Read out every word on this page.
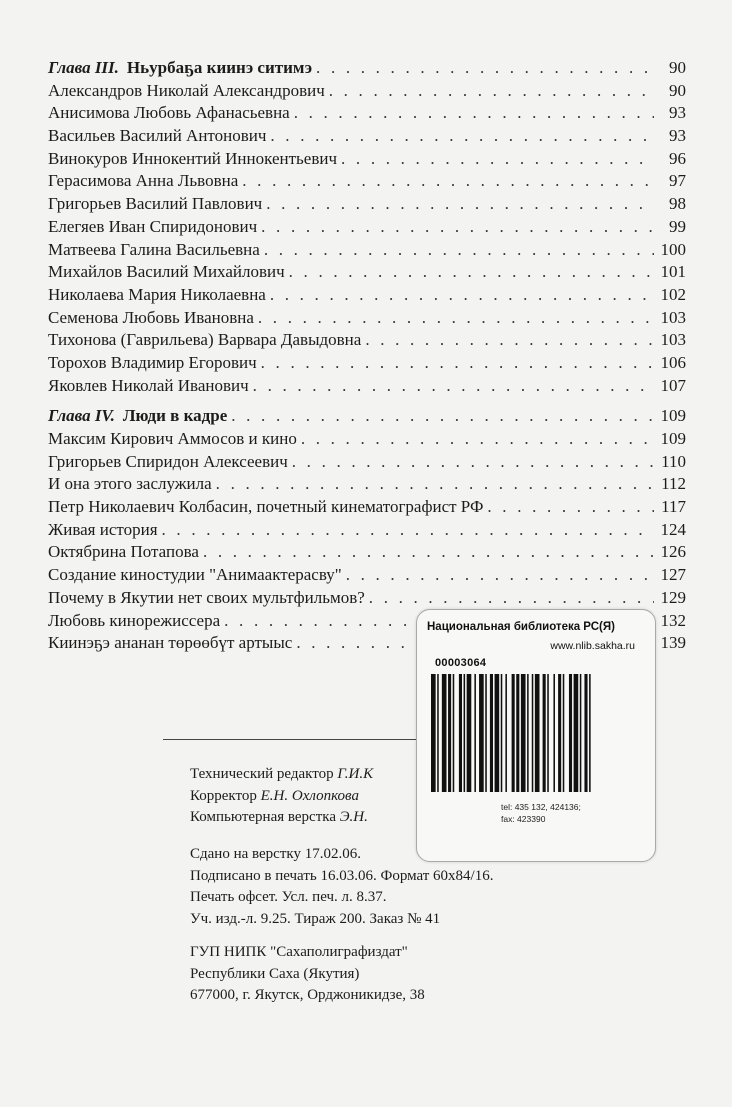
Глава III. Ньурбаҕа киинэ ситимэ . . .	90
Александров Николай Александрович . . .	90
Анисимова Любовь Афанасьевна . . .	93
Васильев Василий Антонович . . .	93
Винокуров Иннокентий Иннокентьевич . . .	96
Герасимова Анна Львовна . . .	97
Григорьев Василий Павлович . . .	98
Елегяев Иван Спиридонович . . .	99
Матвеева Галина Васильевна . . .	100
Михайлов Василий Михайлович . . .	101
Николаева Мария Николаевна . . .	102
Семенова Любовь Ивановна . . .	103
Тихонова (Гаврильева) Варвара Давыдовна . . .	103
Торохов Владимир Егорович . . .	106
Яковлев Николай Иванович . . .	107
Глава IV. Люди в кадре . . .	109
Максим Кирович Аммосов и кино . . .	109
Григорьев Спиридон Алексеевич . . .	110
И она этого заслужила . . .	112
Петр Николаевич Колбасин, почетный кинематографист РФ . . .	117
Живая история . . .	124
Октябрина Потапова . . .	126
Создание киностудии "Анимаактерасву" . . .	127
Почему в Якутии нет своих мультфильмов? . . .	129
Любовь кинорежиссера . . .	132
Киинэҕэ ананан төрөөбүт артыыс . . .	139
Технический редактор Г.И.К
Корректор Е.Н. Охлопкова
Компьютерная верстка Э.Н.
Сдано на верстку 17.02.06.
Подписано в печать 16.03.06. Формат 60x84/16.
Печать офсет. Усл. печ. л. 8.37.
Уч. изд.-л. 9.25. Тираж 200. Заказ № 41
ГУП НИПК "Сахаполиграфиздат"
Республики Саха (Якутия)
677000, г. Якутск, Орджоникидзе, 38
Национальная библиотека РС(Я)
www.nlib.sakha.ru
00003064
tel: 435 132, 424136;
fax: 423390
